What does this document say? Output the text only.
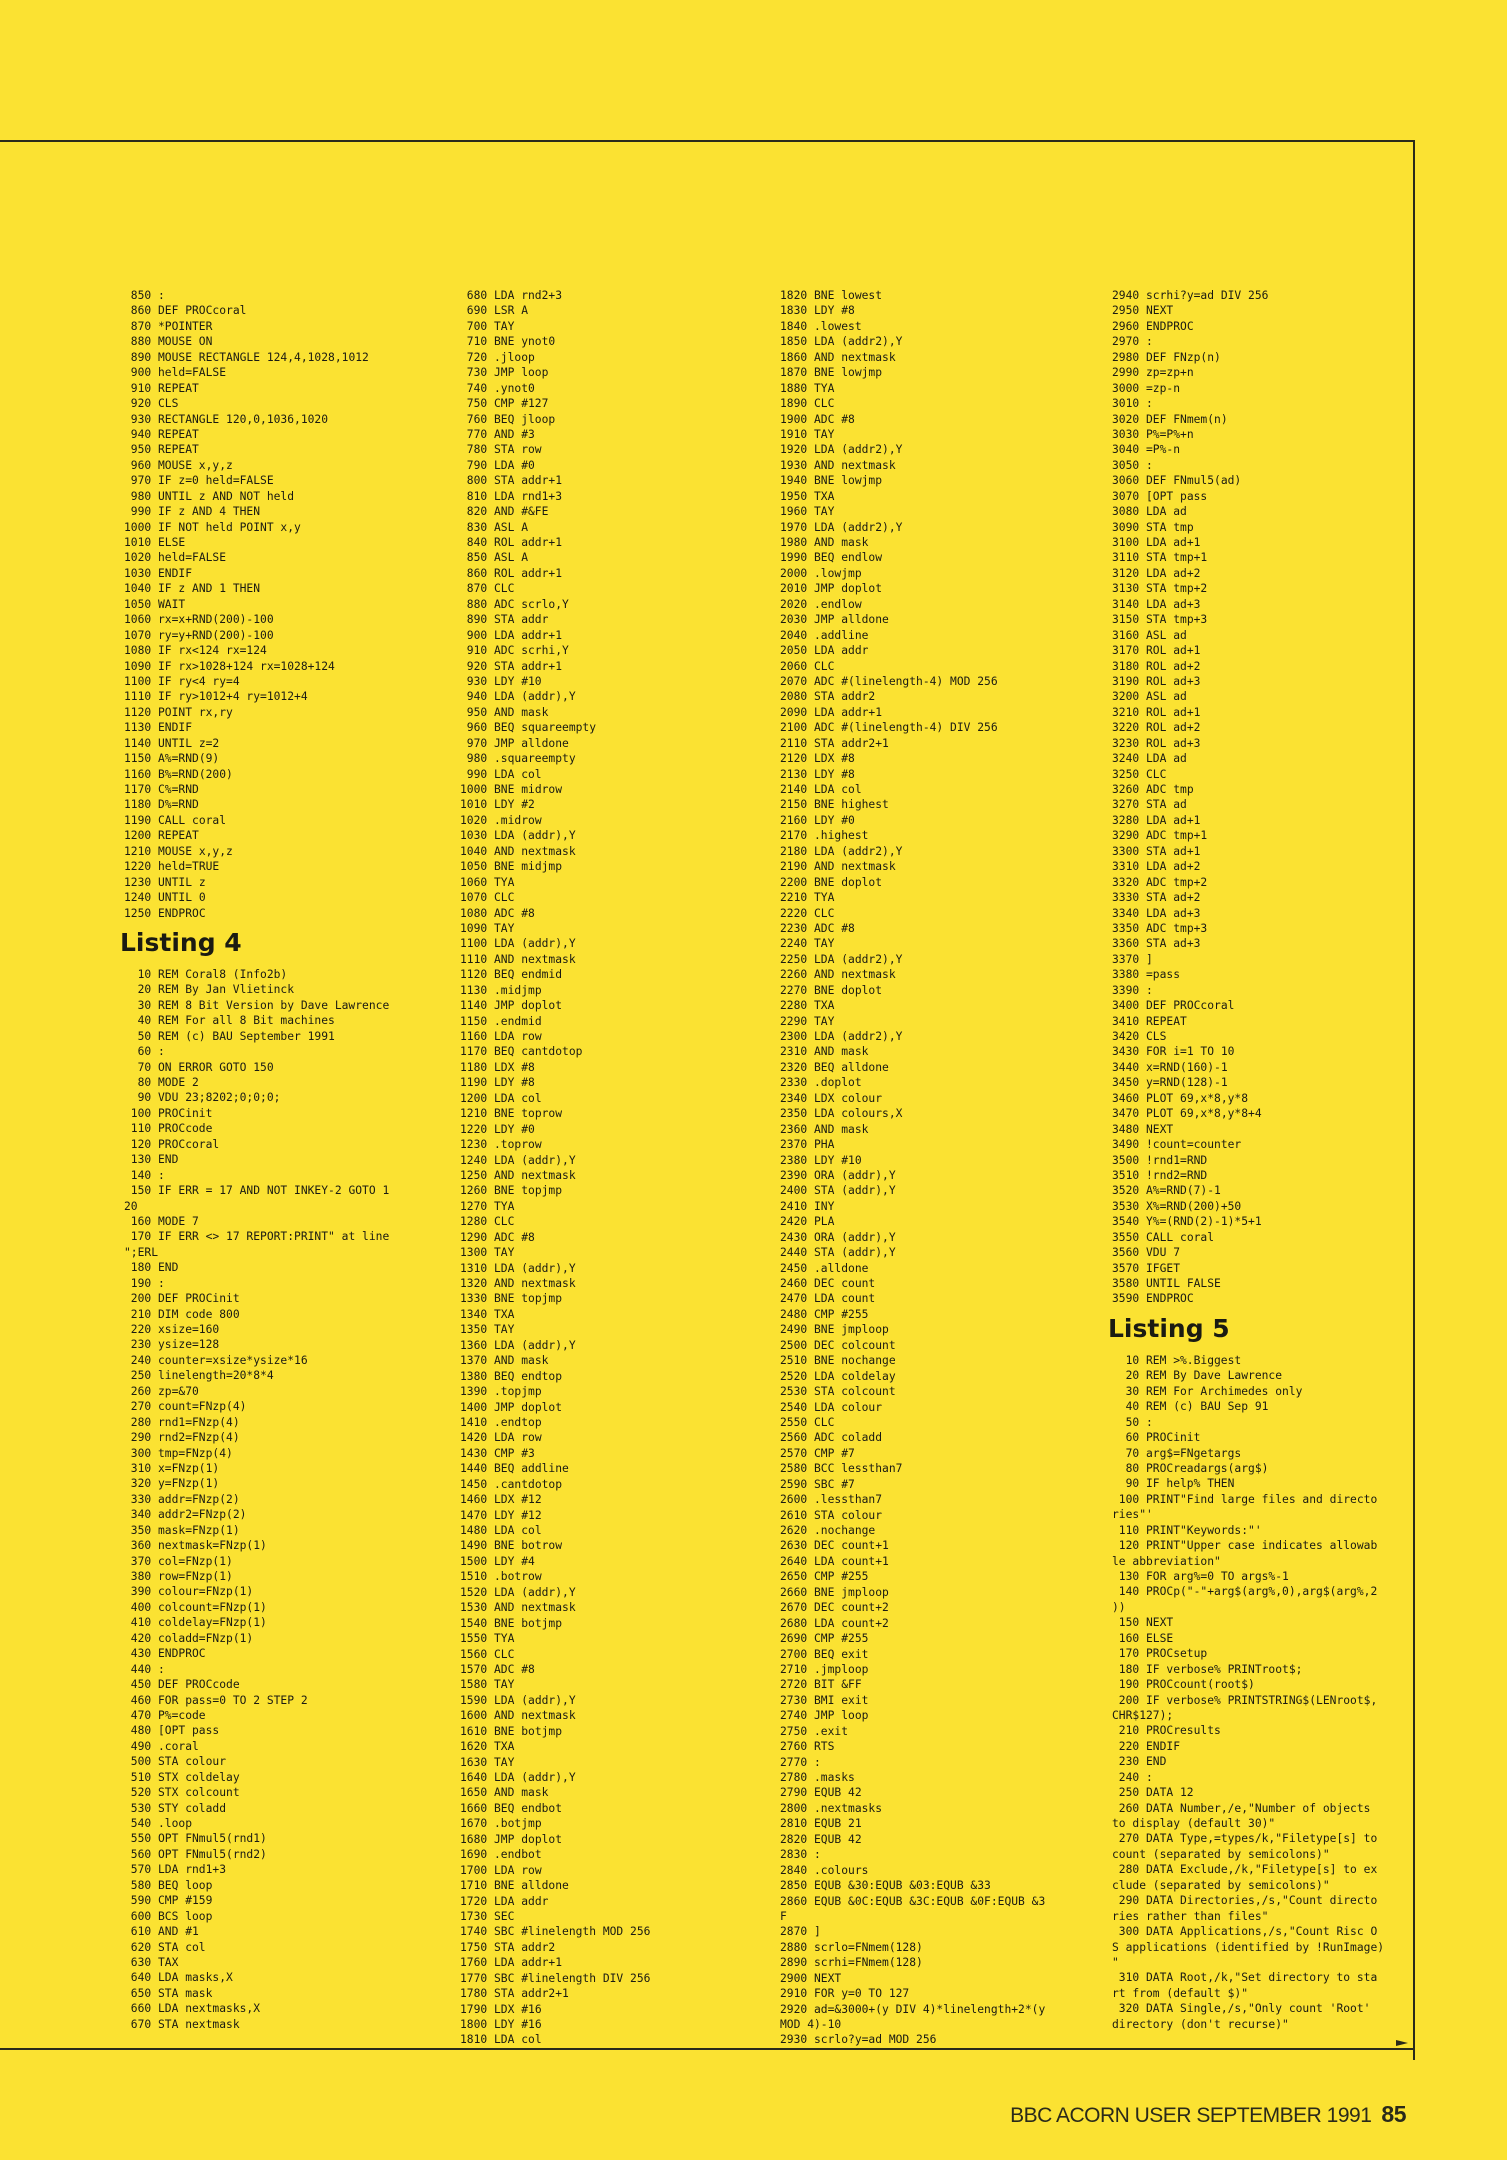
850 :
860 DEF PROCcoral
870 *POINTER
880 MOUSE ON
890 MOUSE RECTANGLE 124,4,1028,1012
900 held=FALSE
910 REPEAT
920 CLS
930 RECTANGLE 120,0,1036,1020
940 REPEAT
950 REPEAT
960 MOUSE x,y,z
970 IF z=0 held=FALSE
980 UNTIL z AND NOT held
990 IF z AND 4 THEN
1000 IF NOT held POINT x,y
1010 ELSE
1020 held=FALSE
1030 ENDIF
1040 IF z AND 1 THEN
1050 WAIT
1060 rx=x+RND(200)-100
1070 ry=y+RND(200)-100
1080 IF rx<124 rx=124
1090 IF rx>1028+124 rx=1028+124
1100 IF ry<4 ry=4
1110 IF ry>1012+4 ry=1012+4
1120 POINT rx,ry
1130 ENDIF
1140 UNTIL z=2
1150 A%=RND(9)
1160 B%=RND(200)
1170 C%=RND
1180 D%=RND
1190 CALL coral
1200 REPEAT
1210 MOUSE x,y,z
1220 held=TRUE
1230 UNTIL z
1240 UNTIL 0
1250 ENDPROC
Listing 4
10 REM Coral8 (Info2b)
20 REM By Jan Vlietinck
30 REM 8 Bit Version by Dave Lawrence
40 REM For all 8 Bit machines
50 REM (c) BAU September 1991
60 :
70 ON ERROR GOTO 150
80 MODE 2
90 VDU 23;8202;0;0;0;
100 PROCinit
110 PROCcode
120 PROCcoral
130 END
140 :
150 IF ERR = 17 AND NOT INKEY-2 GOTO 1
20
160 MODE 7
170 IF ERR <> 17 REPORT:PRINT" at line
";ERL
180 END
190 :
200 DEF PROCinit
210 DIM code 800
220 xsize=160
230 ysize=128
240 counter=xsize*ysize*16
250 linelength=20*8*4
260 zp=&70
270 count=FNzp(4)
280 rnd1=FNzp(4)
290 rnd2=FNzp(4)
300 tmp=FNzp(4)
310 x=FNzp(1)
320 y=FNzp(1)
330 addr=FNzp(2)
340 addr2=FNzp(2)
350 mask=FNzp(1)
360 nextmask=FNzp(1)
370 col=FNzp(1)
380 row=FNzp(1)
390 colour=FNzp(1)
400 colcount=FNzp(1)
410 coldelay=FNzp(1)
420 coladd=FNzp(1)
430 ENDPROC
440 :
450 DEF PROCcode
460 FOR pass=0 TO 2 STEP 2
470 P%=code
480 [OPT pass
490 .coral
500 STA colour
510 STX coldelay
520 STX colcount
530 STY coladd
540 .loop
550 OPT FNmul5(rnd1)
560 OPT FNmul5(rnd2)
570 LDA rnd1+3
580 BEQ loop
590 CMP #159
600 BCS loop
610 AND #1
620 STA col
630 TAX
640 LDA masks,X
650 STA mask
660 LDA nextmasks,X
670 STA nextmask
680 LDA rnd2+3
690 LSR A
700 TAY
710 BNE ynot0
720 .jloop
730 JMP loop
740 .ynot0
750 CMP #127
760 BEQ jloop
770 AND #3
780 STA row
790 LDA #0
800 STA addr+1
810 LDA rnd1+3
820 AND #&FE
830 ASL A
840 ROL addr+1
850 ASL A
860 ROL addr+1
870 CLC
880 ADC scrlo,Y
890 STA addr
900 LDA addr+1
910 ADC scrhi,Y
920 STA addr+1
930 LDY #10
940 LDA (addr),Y
950 AND mask
960 BEQ squareempty
970 JMP alldone
980 .squareempty
990 LDA col
1000 BNE midrow
1010 LDY #2
1020 .midrow
1030 LDA (addr),Y
1040 AND nextmask
1050 BNE midjmp
1060 TYA
1070 CLC
1080 ADC #8
1090 TAY
1100 LDA (addr),Y
1110 AND nextmask
1120 BEQ endmid
1130 .midjmp
1140 JMP doplot
1150 .endmid
1160 LDA row
1170 BEQ cantdotop
1180 LDX #8
1190 LDY #8
1200 LDA col
1210 BNE toprow
1220 LDY #0
1230 .toprow
1240 LDA (addr),Y
1250 AND nextmask
1260 BNE topjmp
1270 TYA
1280 CLC
1290 ADC #8
1300 TAY
1310 LDA (addr),Y
1320 AND nextmask
1330 BNE topjmp
1340 TXA
1350 TAY
1360 LDA (addr),Y
1370 AND mask
1380 BEQ endtop
1390 .topjmp
1400 JMP doplot
1410 .endtop
1420 LDA row
1430 CMP #3
1440 BEQ addline
1450 .cantdotop
1460 LDX #12
1470 LDY #12
1480 LDA col
1490 BNE botrow
1500 LDY #4
1510 .botrow
1520 LDA (addr),Y
1530 AND nextmask
1540 BNE botjmp
1550 TYA
1560 CLC
1570 ADC #8
1580 TAY
1590 LDA (addr),Y
1600 AND nextmask
1610 BNE botjmp
1620 TXA
1630 TAY
1640 LDA (addr),Y
1650 AND mask
1660 BEQ endbot
1670 .botjmp
1680 JMP doplot
1690 .endbot
1700 LDA row
1710 BNE alldone
1720 LDA addr
1730 SEC
1740 SBC #linelength MOD 256
1750 STA addr2
1760 LDA addr+1
1770 SBC #linelength DIV 256
1780 STA addr2+1
1790 LDX #16
1800 LDY #16
1810 LDA col
1820 BNE lowest
1830 LDY #8
1840 .lowest
1850 LDA (addr2),Y
1860 AND nextmask
1870 BNE lowjmp
1880 TYA
1890 CLC
1900 ADC #8
1910 TAY
1920 LDA (addr2),Y
1930 AND nextmask
1940 BNE lowjmp
1950 TXA
1960 TAY
1970 LDA (addr2),Y
1980 AND mask
1990 BEQ endlow
2000 .lowjmp
2010 JMP doplot
2020 .endlow
2030 JMP alldone
2040 .addline
2050 LDA addr
2060 CLC
2070 ADC #(linelength-4) MOD 256
2080 STA addr2
2090 LDA addr+1
2100 ADC #(linelength-4) DIV 256
2110 STA addr2+1
2120 LDX #8
2130 LDY #8
2140 LDA col
2150 BNE highest
2160 LDY #0
2170 .highest
2180 LDA (addr2),Y
2190 AND nextmask
2200 BNE doplot
2210 TYA
2220 CLC
2230 ADC #8
2240 TAY
2250 LDA (addr2),Y
2260 AND nextmask
2270 BNE doplot
2280 TXA
2290 TAY
2300 LDA (addr2),Y
2310 AND mask
2320 BEQ alldone
2330 .doplot
2340 LDX colour
2350 LDA colours,X
2360 AND mask
2370 PHA
2380 LDY #10
2390 ORA (addr),Y
2400 STA (addr),Y
2410 INY
2420 PLA
2430 ORA (addr),Y
2440 STA (addr),Y
2450 .alldone
2460 DEC count
2470 LDA count
2480 CMP #255
2490 BNE jmploop
2500 DEC colcount
2510 BNE nochange
2520 LDA coldelay
2530 STA colcount
2540 LDA colour
2550 CLC
2560 ADC coladd
2570 CMP #7
2580 BCC lessthan7
2590 SBC #7
2600 .lessthan7
2610 STA colour
2620 .nochange
2630 DEC count+1
2640 LDA count+1
2650 CMP #255
2660 BNE jmploop
2670 DEC count+2
2680 LDA count+2
2690 CMP #255
2700 BEQ exit
2710 .jmploop
2720 BIT &FF
2730 BMI exit
2740 JMP loop
2750 .exit
2760 RTS
2770 :
2780 .masks
2790 EQUB 42
2800 .nextmasks
2810 EQUB 21
2820 EQUB 42
2830 :
2840 .colours
2850 EQUB &30:EQUB &03:EQUB &33
2860 EQUB &0C:EQUB &3C:EQUB &0F:EQUB &3
F
2870 ]
2880 scrlo=FNmem(128)
2890 scrhi=FNmem(128)
2900 NEXT
2910 FOR y=0 TO 127
2920 ad=&3000+(y DIV 4)*linelength+2*(y
MOD 4)-10
2930 scrlo?y=ad MOD 256
2940 scrhi?y=ad DIV 256
2950 NEXT
2960 ENDPROC
2970 :
2980 DEF FNzp(n)
2990 zp=zp+n
3000 =zp-n
3010 :
3020 DEF FNmem(n)
3030 P%=P%+n
3040 =P%-n
3050 :
3060 DEF FNmul5(ad)
3070 [OPT pass
3080 LDA ad
3090 STA tmp
3100 LDA ad+1
3110 STA tmp+1
3120 LDA ad+2
3130 STA tmp+2
3140 LDA ad+3
3150 STA tmp+3
3160 ASL ad
3170 ROL ad+1
3180 ROL ad+2
3190 ROL ad+3
3200 ASL ad
3210 ROL ad+1
3220 ROL ad+2
3230 ROL ad+3
3240 LDA ad
3250 CLC
3260 ADC tmp
3270 STA ad
3280 LDA ad+1
3290 ADC tmp+1
3300 STA ad+1
3310 LDA ad+2
3320 ADC tmp+2
3330 STA ad+2
3340 LDA ad+3
3350 ADC tmp+3
3360 STA ad+3
3370 ]
3380 =pass
3390 :
3400 DEF PROCcoral
3410 REPEAT
3420 CLS
3430 FOR i=1 TO 10
3440 x=RND(160)-1
3450 y=RND(128)-1
3460 PLOT 69,x*8,y*8
3470 PLOT 69,x*8,y*8+4
3480 NEXT
3490 !count=counter
3500 !rnd1=RND
3510 !rnd2=RND
3520 A%=RND(7)-1
3530 X%=RND(200)+50
3540 Y%=(RND(2)-1)*5+1
3550 CALL coral
3560 VDU 7
3570 IFGET
3580 UNTIL FALSE
3590 ENDPROC
Listing 5
10 REM >%.Biggest
20 REM By Dave Lawrence
30 REM For Archimedes only
40 REM (c) BAU Sep 91
50 :
60 PROCinit
70 arg$=FNgetargs
80 PROCreadargs(arg$)
90 IF help% THEN
100 PRINT"Find large files and directo
ries"'
110 PRINT"Keywords:"'
120 PRINT"Upper case indicates allowab
le abbreviation"
130 FOR arg%=0 TO args%-1
140 PROCp("-"+arg$(arg%,0),arg$(arg%,2
))
150 NEXT
160 ELSE
170 PROCsetup
180 IF verbose% PRINTroot$;
190 PROCcount(root$)
200 IF verbose% PRINTSTRING$(LENroot$,
CHR$127);
210 PROCresults
220 ENDIF
230 END
240 :
250 DATA 12
260 DATA Number,/e,"Number of objects
to display (default 30)"
270 DATA Type,=types/k,"Filetype[s] to
count (separated by semicolons)"
280 DATA Exclude,/k,"Filetype[s] to ex
clude (separated by semicolons)"
290 DATA Directories,/s,"Count directo
ries rather than files"
300 DATA Applications,/s,"Count Risc O
S applications (identified by !RunImage)
"
310 DATA Root,/k,"Set directory to sta
rt from (default $)"
320 DATA Single,/s,"Only count 'Root'
directory (don't recurse)"
BBC ACORN USER SEPTEMBER 1991 85
